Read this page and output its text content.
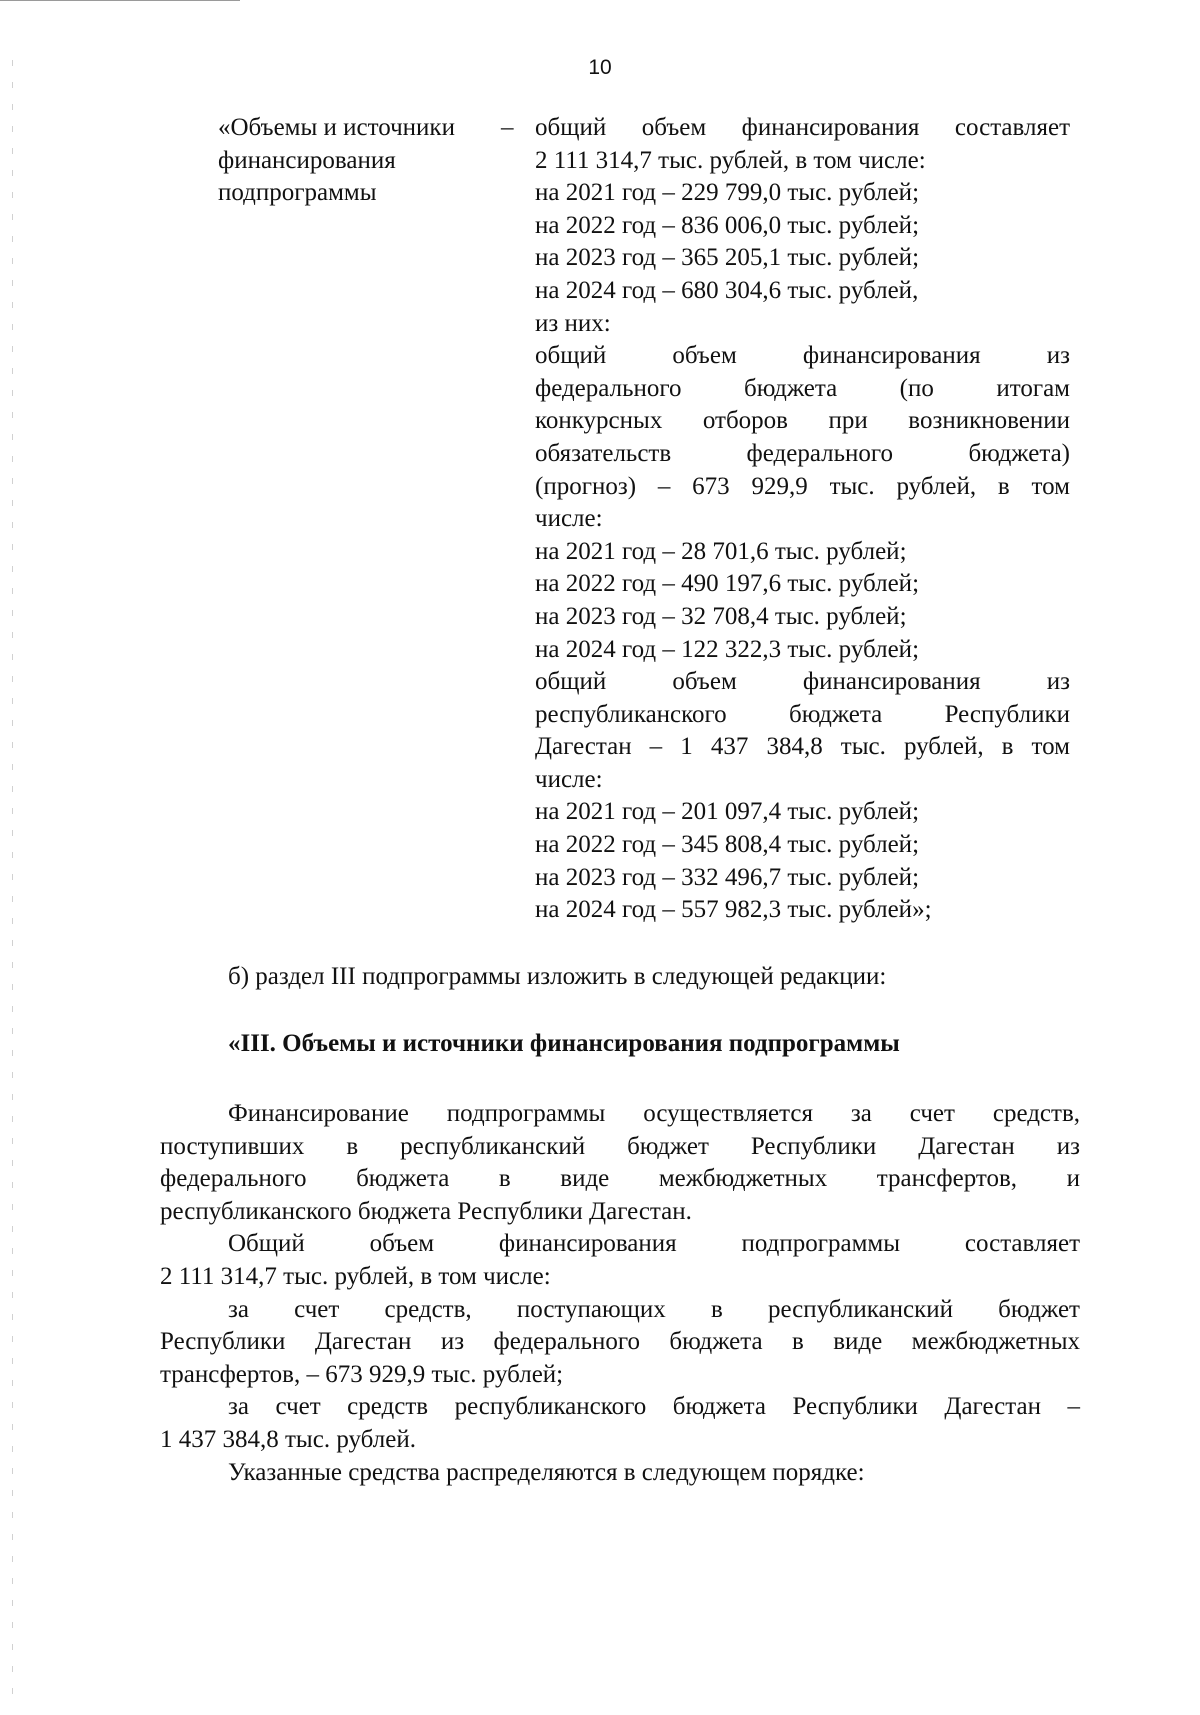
10
«Объемы и источники
финансирования
подпрограммы
– общий объем финансирования составляет
2 111 314,7 тыс. рублей, в том числе:
на 2021 год – 229 799,0 тыс. рублей;
на 2022 год – 836 006,0 тыс. рублей;
на 2023 год – 365 205,1 тыс. рублей;
на 2024 год – 680 304,6 тыс. рублей,
из них:
общий объем финансирования из
федерального бюджета (по итогам
конкурсных отборов при возникновении
обязательств федерального бюджета)
(прогноз) – 673 929,9 тыс. рублей, в том
числе:
на 2021 год – 28 701,6 тыс. рублей;
на 2022 год – 490 197,6 тыс. рублей;
на 2023 год – 32 708,4 тыс. рублей;
на 2024 год – 122 322,3 тыс. рублей;
общий объем финансирования из
республиканского бюджета Республики
Дагестан – 1 437 384,8 тыс. рублей, в том
числе:
на 2021 год – 201 097,4 тыс. рублей;
на 2022 год – 345 808,4 тыс. рублей;
на 2023 год – 332 496,7 тыс. рублей;
на 2024 год – 557 982,3 тыс. рублей»;
б) раздел III подпрограммы изложить в следующей редакции:
«III. Объемы и источники финансирования подпрограммы
Финансирование подпрограммы осуществляется за счет средств,
поступивших в республиканский бюджет Республики Дагестан из
федерального бюджета в виде межбюджетных трансфертов, и
республиканского бюджета Республики Дагестан.
Общий объем финансирования подпрограммы составляет
2 111 314,7 тыс. рублей, в том числе:
за счет средств, поступающих в республиканский бюджет
Республики Дагестан из федерального бюджета в виде межбюджетных
трансфертов, – 673 929,9 тыс. рублей;
за счет средств республиканского бюджета Республики Дагестан –
1 437 384,8 тыс. рублей.
Указанные средства распределяются в следующем порядке:
